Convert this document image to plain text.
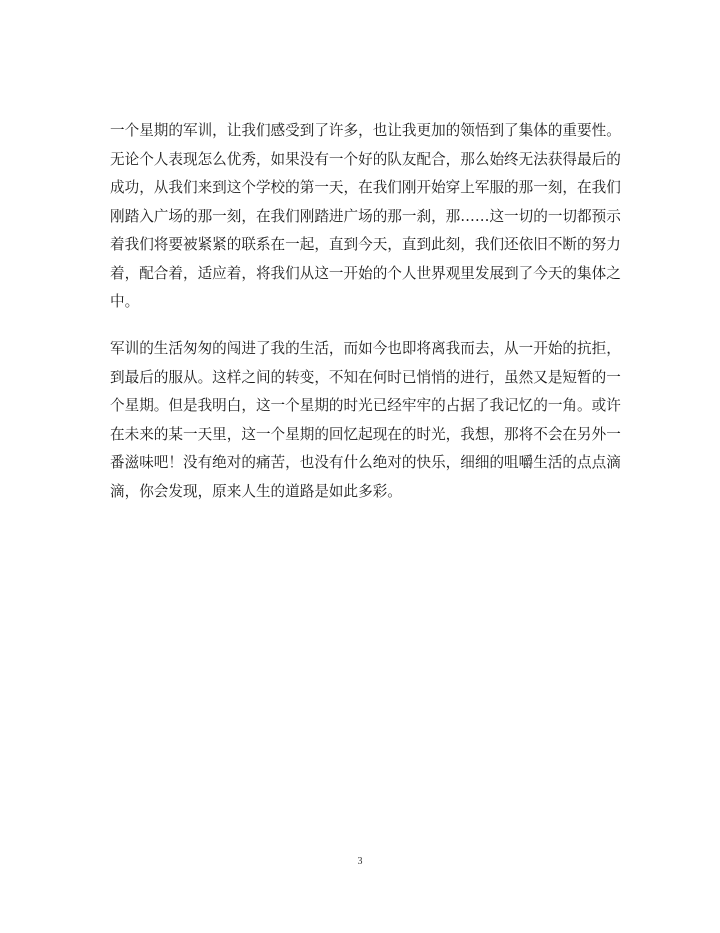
一个星期的军训，让我们感受到了许多，也让我更加的领悟到了集体的重要性。
无论个人表现怎么优秀，如果没有一个好的队友配合，那么始终无法获得最后的
成功，从我们来到这个学校的第一天，在我们刚开始穿上军服的那一刻，在我们
刚踏入广场的那一刻，在我们刚踏进广场的那一刹，那……这一切的一切都预示
着我们将要被紧紧的联系在一起，直到今天，直到此刻，我们还依旧不断的努力
着，配合着，适应着，将我们从这一开始的个人世界观里发展到了今天的集体之
中。
军训的生活匆匆的闯进了我的生活，而如今也即将离我而去，从一开始的抗拒，
到最后的服从。这样之间的转变，不知在何时已悄悄的进行，虽然又是短暂的一
个星期。但是我明白，这一个星期的时光已经牢牢的占据了我记忆的一角。或许
在未来的某一天里，这一个星期的回忆起现在的时光，我想，那将不会在另外一
番滋味吧！没有绝对的痛苦，也没有什么绝对的快乐，细细的咀嚼生活的点点滴
滴，你会发现，原来人生的道路是如此多彩。
3
